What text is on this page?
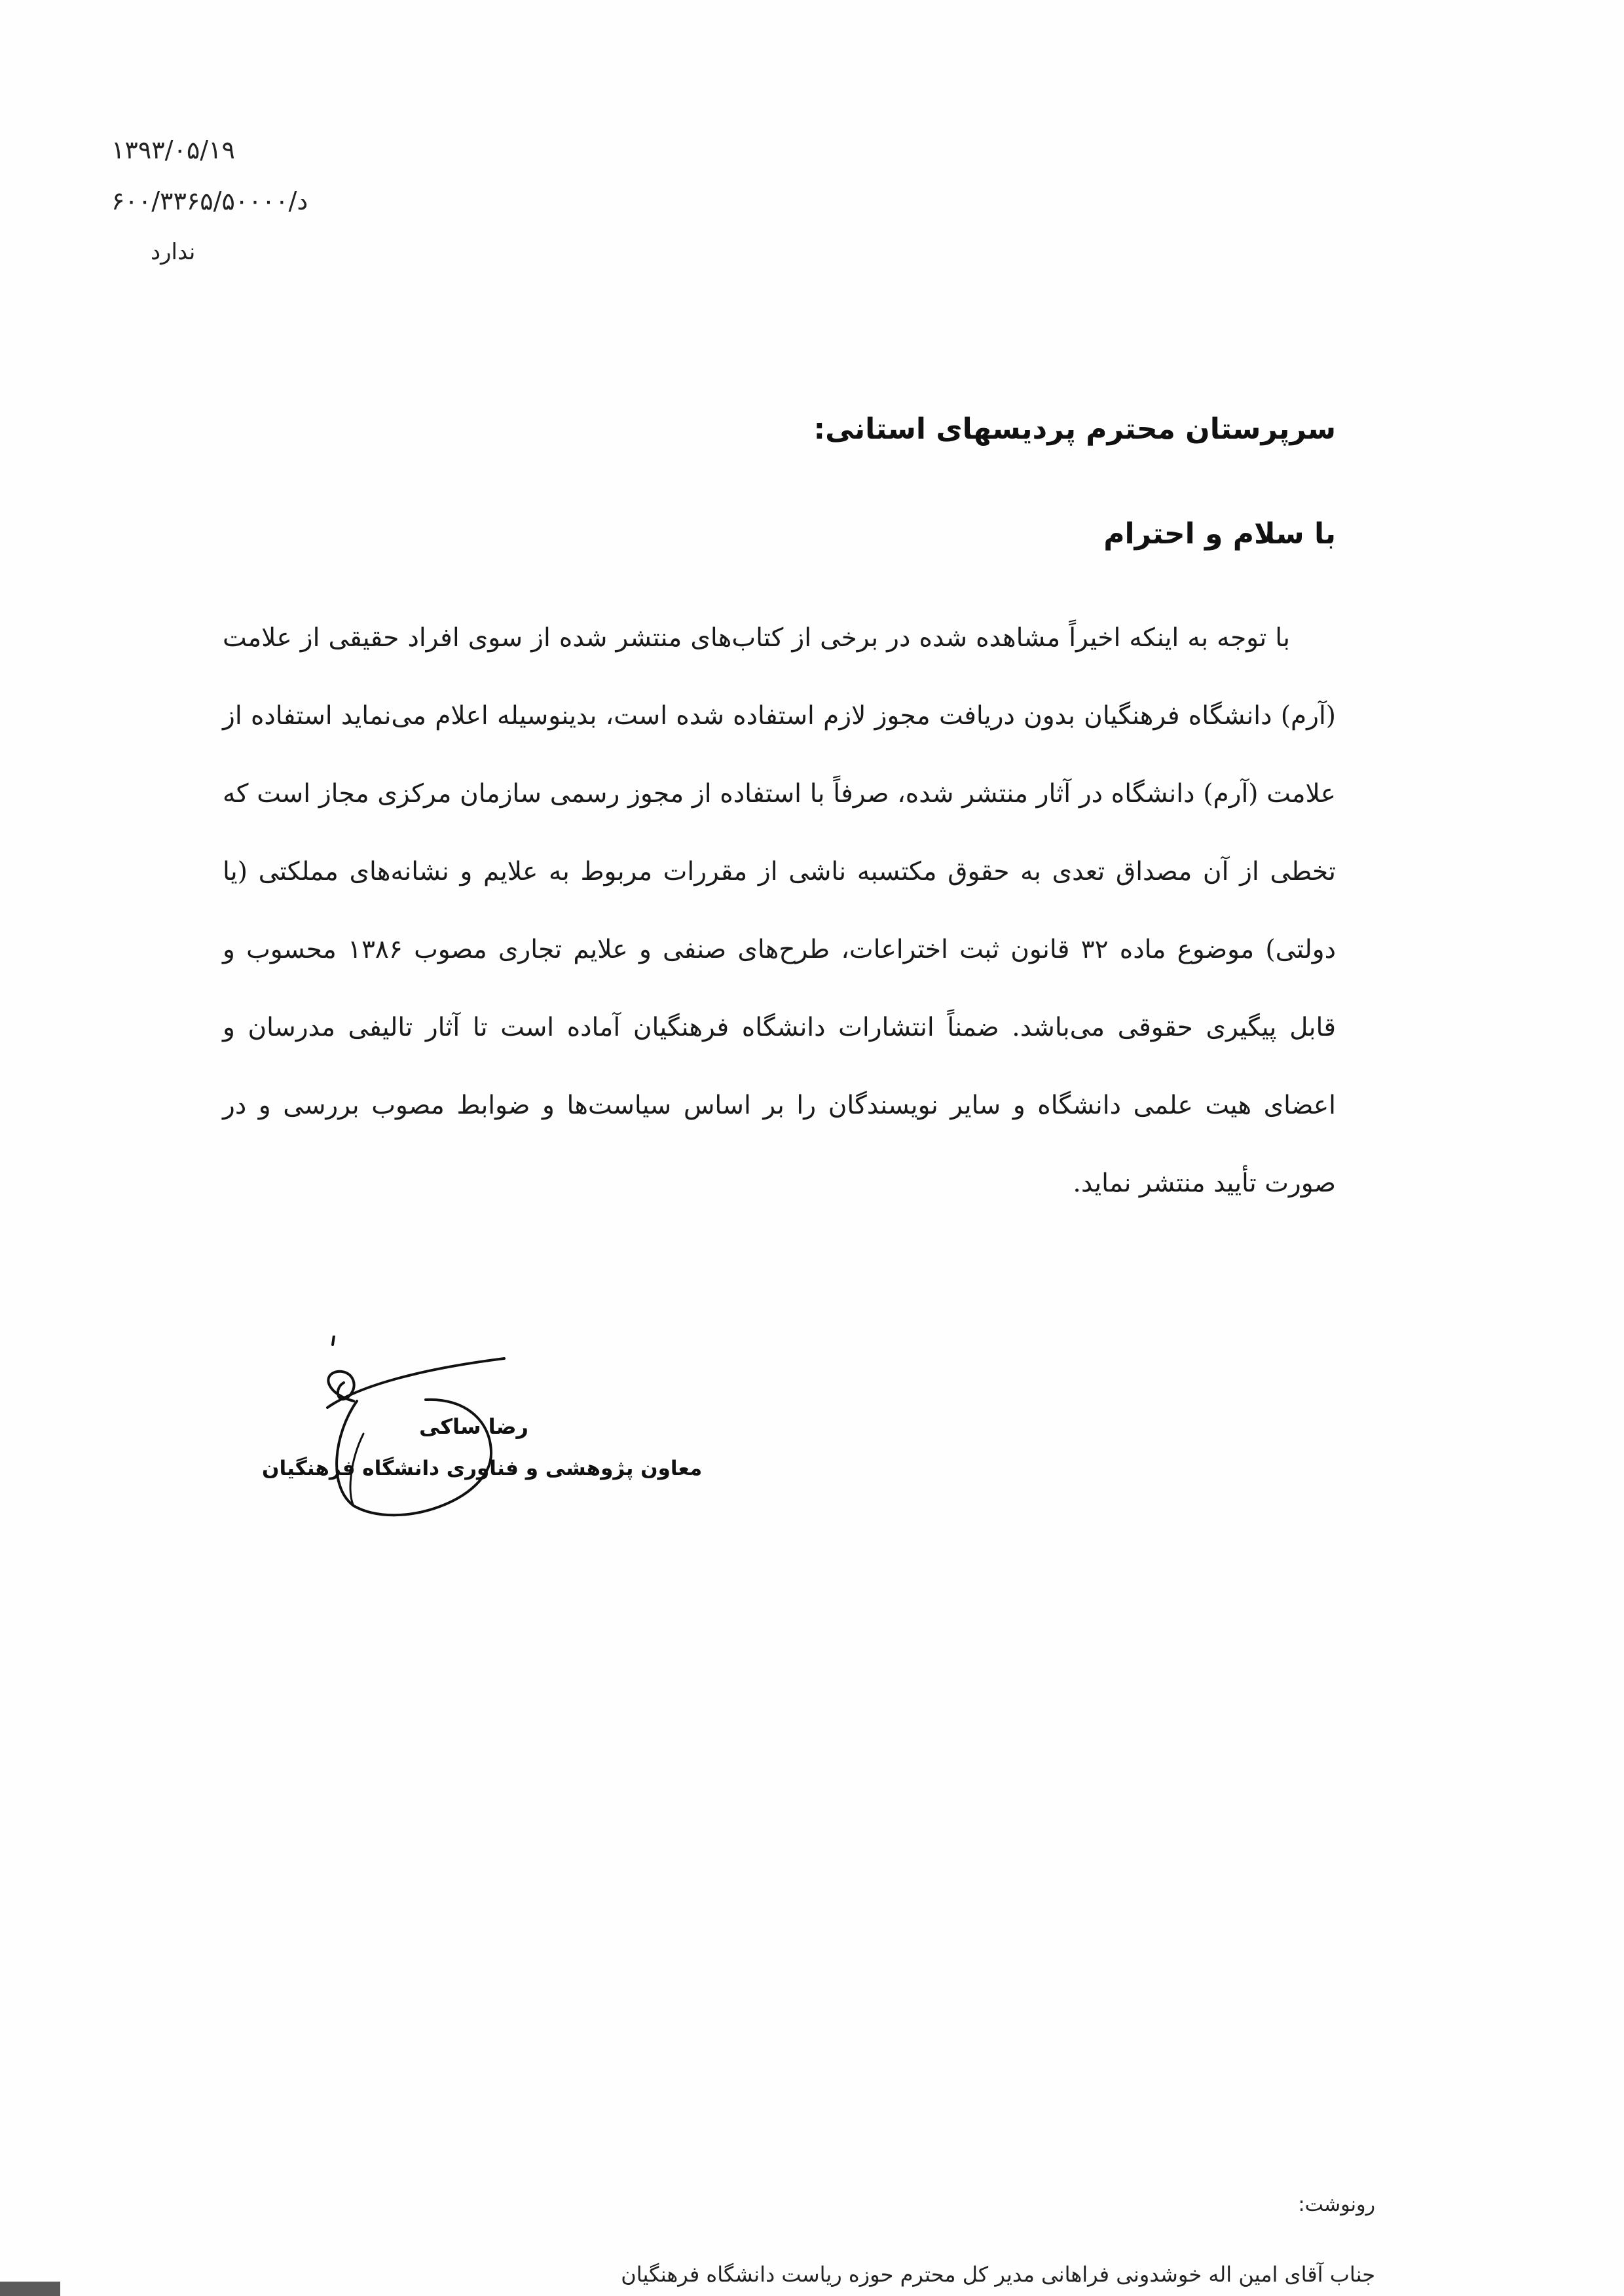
۱۳۹۳/۰۵/۱۹
۶۰۰/۳۳۶۵/۵۰۰۰۰/د
ندارد
سرپرستان محترم پردیسهای استانی:
با سلام و احترام

با توجه به اینکه اخیراً مشاهده شده در برخی از کتاب‌های منتشر شده از سوی افراد حقیقی از علامت (آرم) دانشگاه فرهنگیان بدون دریافت مجوز لازم استفاده شده است، بدینوسیله اعلام می‌نماید استفاده از علامت (آرم) دانشگاه در آثار منتشر شده، صرفاً با استفاده از مجوز رسمی سازمان مرکزی مجاز است که تخطی از آن مصداق تعدی به حقوق مکتسبه ناشی از مقررات مربوط به علایم و نشانه‌های مملکتی (یا دولتی) موضوع ماده ۳۲ قانون ثبت اختراعات، طرح‌های صنفی و علایم تجاری مصوب ۱۳۸۶ محسوب و قابل پیگیری حقوقی می‌باشد. ضمناً انتشارات دانشگاه فرهنگیان آماده است تا آثار تالیفی مدرسان و اعضای هیت علمی دانشگاه و سایر نویسندگان را بر اساس سیاست‌ها و ضوابط مصوب بررسی و در صورت تأیید منتشر نماید.

رضا ساکی
معاون پژوهشی و فناوری دانشگاه فرهنگیان
رونوشت:
جناب آقای امین اله خوشدونی فراهانی مدیر کل محترم حوزه ریاست دانشگاه فرهنگیان
